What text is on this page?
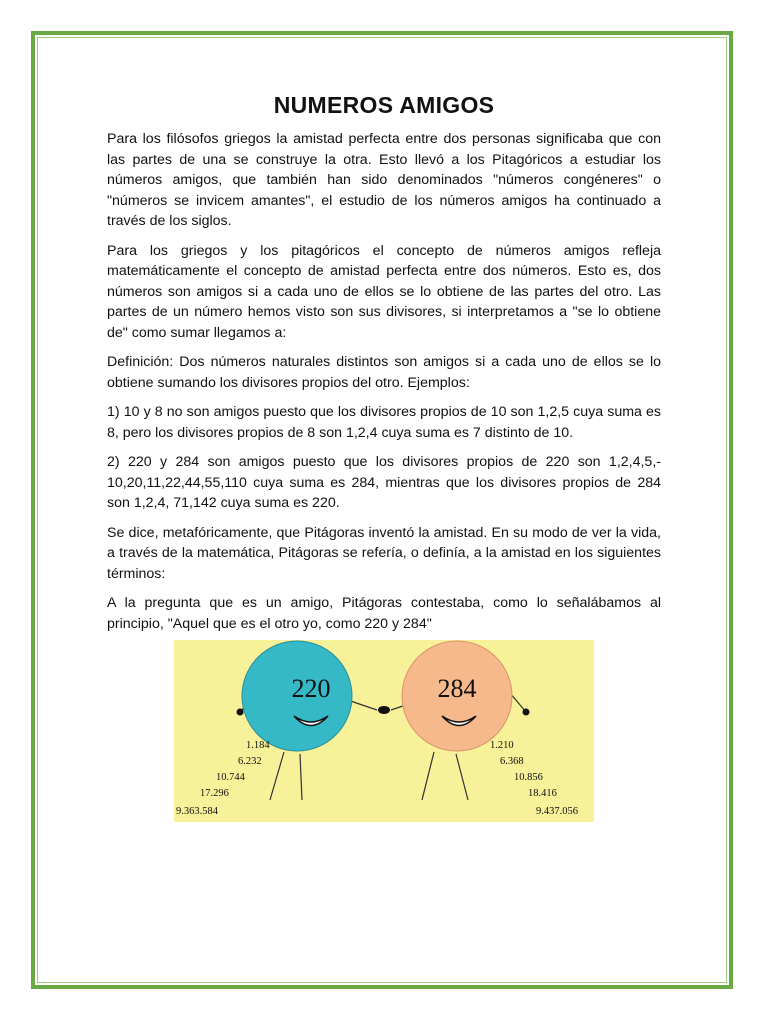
NUMEROS AMIGOS

Para los filósofos griegos la amistad perfecta entre dos personas significaba que con las partes de una se construye la otra. Esto llevó a los Pitagóricos a estudiar los números amigos, que también han sido denominados "números congéneres" o "números se invicem amantes", el estudio de los números amigos ha continuado a través de los siglos.

Para los griegos y los pitagóricos el concepto de números amigos refleja matemáticamente el concepto de amistad perfecta entre dos números. Esto es, dos números son amigos si a cada uno de ellos se lo obtiene de las partes del otro. Las partes de un número hemos visto son sus divisores, si interpretamos a "se lo obtiene de" como sumar llegamos a:

Definición: Dos números naturales distintos son amigos si a cada uno de ellos se lo obtiene sumando los divisores propios del otro. Ejemplos:

1) 10 y 8 no son amigos puesto que los divisores propios de 10 son 1,2,5 cuya suma es 8, pero los divisores propios de 8 son 1,2,4 cuya suma es 7 distinto de 10.

2) 220 y 284 son amigos puesto que los divisores propios de 220 son 1,2,4,5,- 10,20,11,22,44,55,110 cuya suma es 284, mientras que los divisores propios de 284 son 1,2,4, 71,142 cuya suma es 220.

Se dice, metafóricamente, que Pitágoras inventó la amistad. En su modo de ver la vida, a través de la matemática, Pitágoras se refería, o definía, a la amistad en los siguientes términos:

A la pregunta que es un amigo, Pitágoras contestaba, como lo señalábamos al principio, "Aquel que es el otro yo, como 220 y 284"

220	284
1.184
6.232
10.744
17.296
9.363.584
1.210
6.368
10.856
18.416
9.437.056
